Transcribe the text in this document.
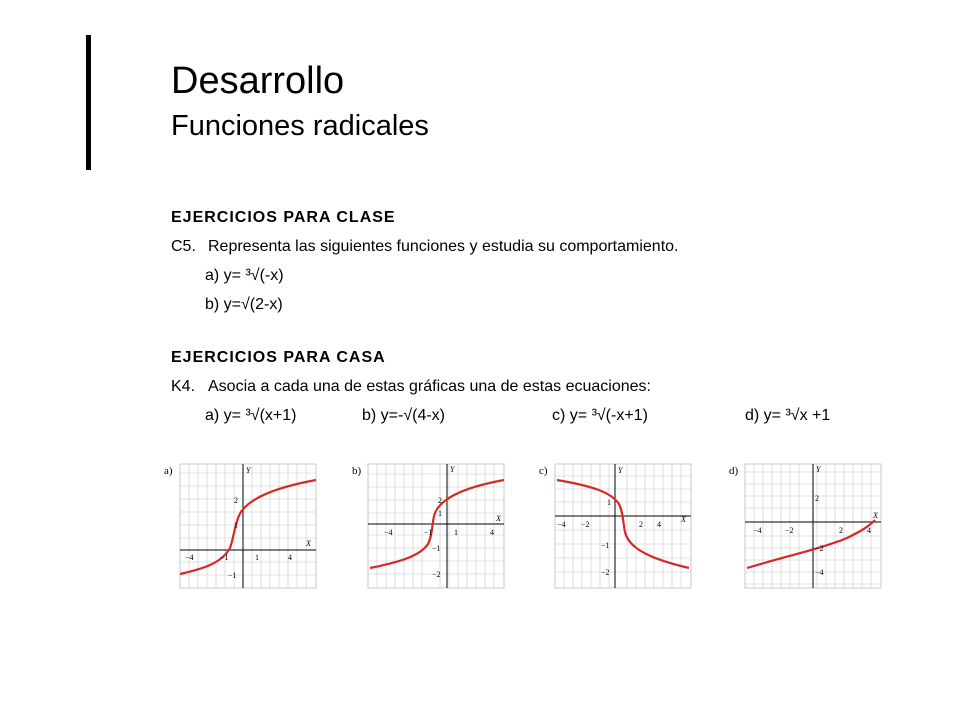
Desarrollo
Funciones radicales
EJERCICIOS PARA CLASE
C5. Representa las siguientes funciones y estudia su comportamiento.
a) y= ³√(-x)
b) y=√(2-x)
EJERCICIOS PARA CASA
K4. Asocia a cada una de estas gráficas una de estas ecuaciones:
a) y= ³√(x+1)	b) y=-√(4-x)	c) y= ³√(-x+1)	d) y= ³√x +1
a)
−4	−1	1	4
2
1
−1
X
Y	b)
−4	−1	1	4
2
1
−1
−2
X
Y	c)
−4 −2	2 4
1
−1
−2
X
Y	d)
−4	−2	2	4
2
−2
−4
X
Y
